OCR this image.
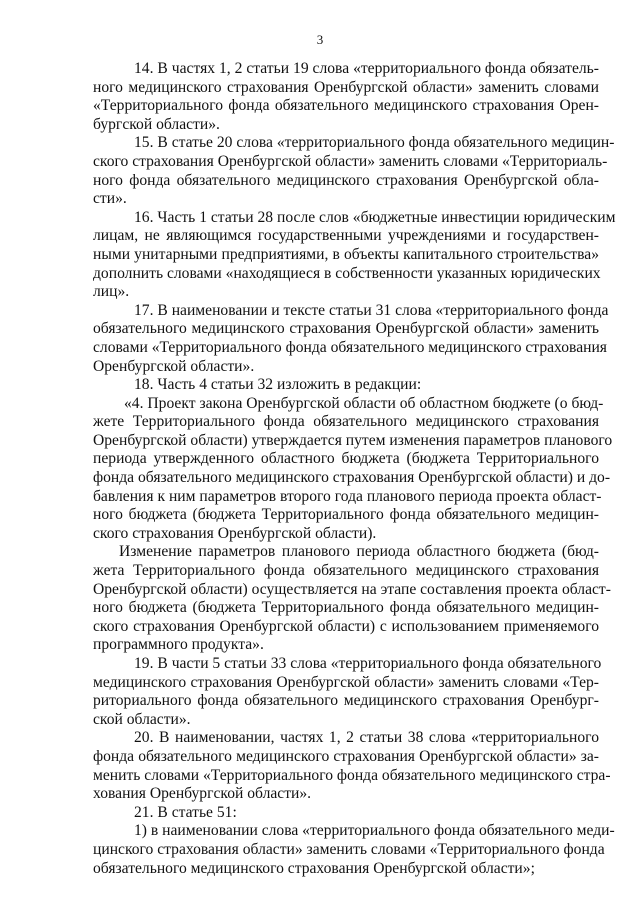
3
14. В частях 1, 2 статьи 19 слова «территориального фонда обязатель-
ного медицинского страхования Оренбургской области» заменить словами
«Территориального фонда обязательного медицинского страхования Орен-
бургской области».
15. В статье 20 слова «территориального фонда обязательного медицин-
ского страхования Оренбургской области» заменить словами «Территориаль-
ного фонда обязательного медицинского страхования Оренбургской обла-
сти».
16. Часть 1 статьи 28 после слов «бюджетные инвестиции юридическим
лицам, не являющимся государственными учреждениями и государствен-
ными унитарными предприятиями, в объекты капитального строительства»
дополнить словами «находящиеся в собственности указанных юридических
лиц».
17. В наименовании и тексте статьи 31 слова «территориального фонда
обязательного медицинского страхования Оренбургской области» заменить
словами «Территориального фонда обязательного медицинского страхования
Оренбургской области».
18. Часть 4 статьи 32 изложить в редакции:
«4. Проект закона Оренбургской области об областном бюджете (о бюд-
жете Территориального фонда обязательного медицинского страхования
Оренбургской области) утверждается путем изменения параметров планового
периода утвержденного областного бюджета (бюджета Территориального
фонда обязательного медицинского страхования Оренбургской области) и до-
бавления к ним параметров второго года планового периода проекта област-
ного бюджета (бюджета Территориального фонда обязательного медицин-
ского страхования Оренбургской области).
Изменение параметров планового периода областного бюджета (бюд-
жета Территориального фонда обязательного медицинского страхования
Оренбургской области) осуществляется на этапе составления проекта област-
ного бюджета (бюджета Территориального фонда обязательного медицин-
ского страхования Оренбургской области) с использованием применяемого
программного продукта».
19. В части 5 статьи 33 слова «территориального фонда обязательного
медицинского страхования Оренбургской области» заменить словами «Тер-
риториального фонда обязательного медицинского страхования Оренбург-
ской области».
20. В наименовании, частях 1, 2 статьи 38 слова «территориального
фонда обязательного медицинского страхования Оренбургской области» за-
менить словами «Территориального фонда обязательного медицинского стра-
хования Оренбургской области».
21. В статье 51:
1) в наименовании слова «территориального фонда обязательного меди-
цинского страхования области» заменить словами «Территориального фонда
обязательного медицинского страхования Оренбургской области»;
